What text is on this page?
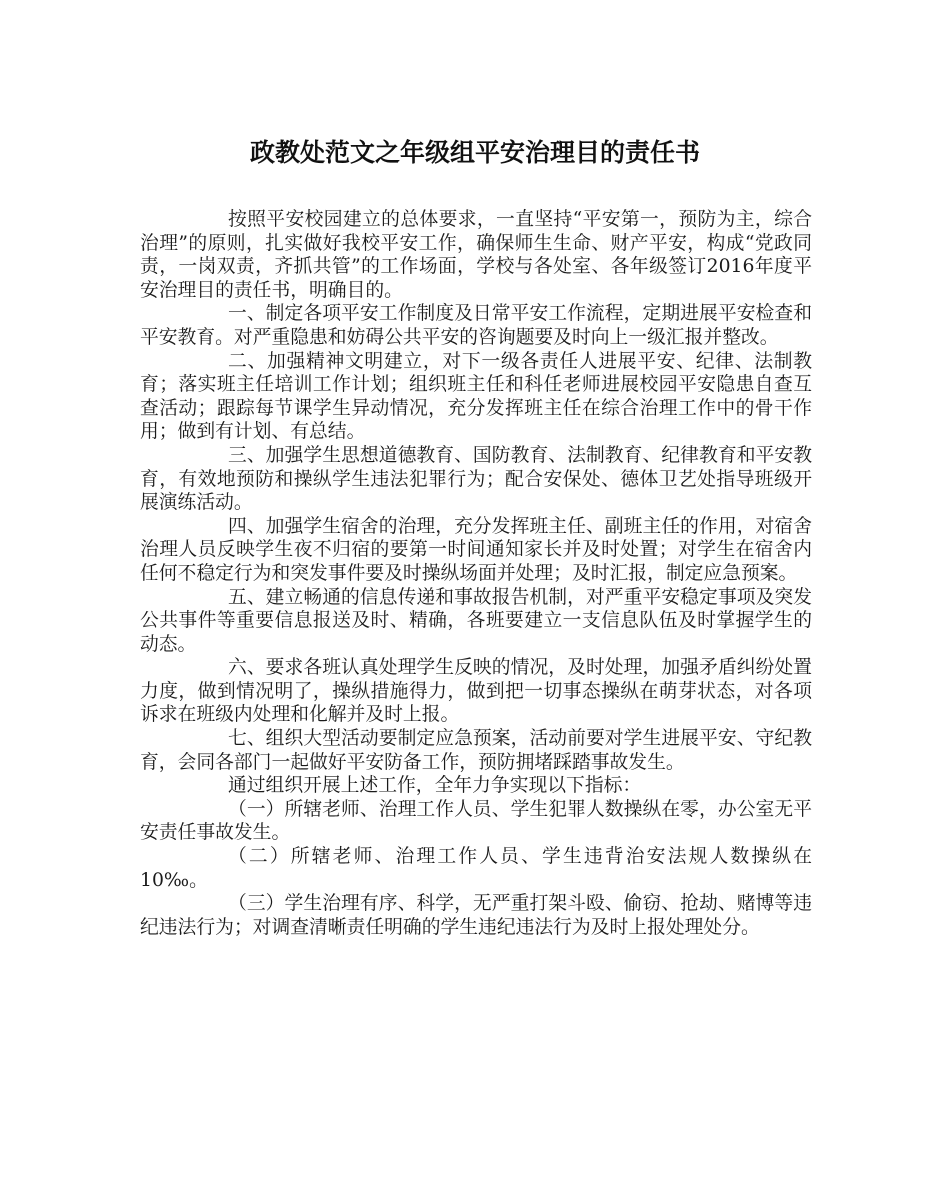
政教处范文之年级组平安治理目的责任书

按照平安校园建立的总体要求，一直坚持“平安第一，预防为主，综合治理”的原则，扎实做好我校平安工作，确保师生生命、财产平安，构成“党政同责，一岗双责，齐抓共管”的工作场面，学校与各处室、各年级签订2016年度平安治理目的责任书，明确目的。

一、制定各项平安工作制度及日常平安工作流程，定期进展平安检查和平安教育。对严重隐患和妨碍公共平安的咨询题要及时向上一级汇报并整改。

二、加强精神文明建立，对下一级各责任人进展平安、纪律、法制教育；落实班主任培训工作计划；组织班主任和科任老师进展校园平安隐患自查互查活动；跟踪每节课学生异动情况，充分发挥班主任在综合治理工作中的骨干作用；做到有计划、有总结。

三、加强学生思想道德教育、国防教育、法制教育、纪律教育和平安教育，有效地预防和操纵学生违法犯罪行为；配合安保处、德体卫艺处指导班级开展演练活动。

四、加强学生宿舍的治理，充分发挥班主任、副班主任的作用，对宿舍治理人员反映学生夜不归宿的要第一时间通知家长并及时处置；对学生在宿舍内任何不稳定行为和突发事件要及时操纵场面并处理；及时汇报，制定应急预案。

五、建立畅通的信息传递和事故报告机制，对严重平安稳定事项及突发公共事件等重要信息报送及时、精确，各班要建立一支信息队伍及时掌握学生的动态。

六、要求各班认真处理学生反映的情况，及时处理，加强矛盾纠纷处置力度，做到情况明了，操纵措施得力，做到把一切事态操纵在萌芽状态，对各项诉求在班级内处理和化解并及时上报。

七、组织大型活动要制定应急预案，活动前要对学生进展平安、守纪教育，会同各部门一起做好平安防备工作，预防拥堵踩踏事故发生。

通过组织开展上述工作，全年力争实现以下指标：

（一）所辖老师、治理工作人员、学生犯罪人数操纵在零，办公室无平安责任事故发生。

（二）所辖老师、治理工作人员、学生违背治安法规人数操纵在10‰。

（三）学生治理有序、科学，无严重打架斗殴、偷窃、抢劫、赌博等违纪违法行为；对调查清晰责任明确的学生违纪违法行为及时上报处理处分。
